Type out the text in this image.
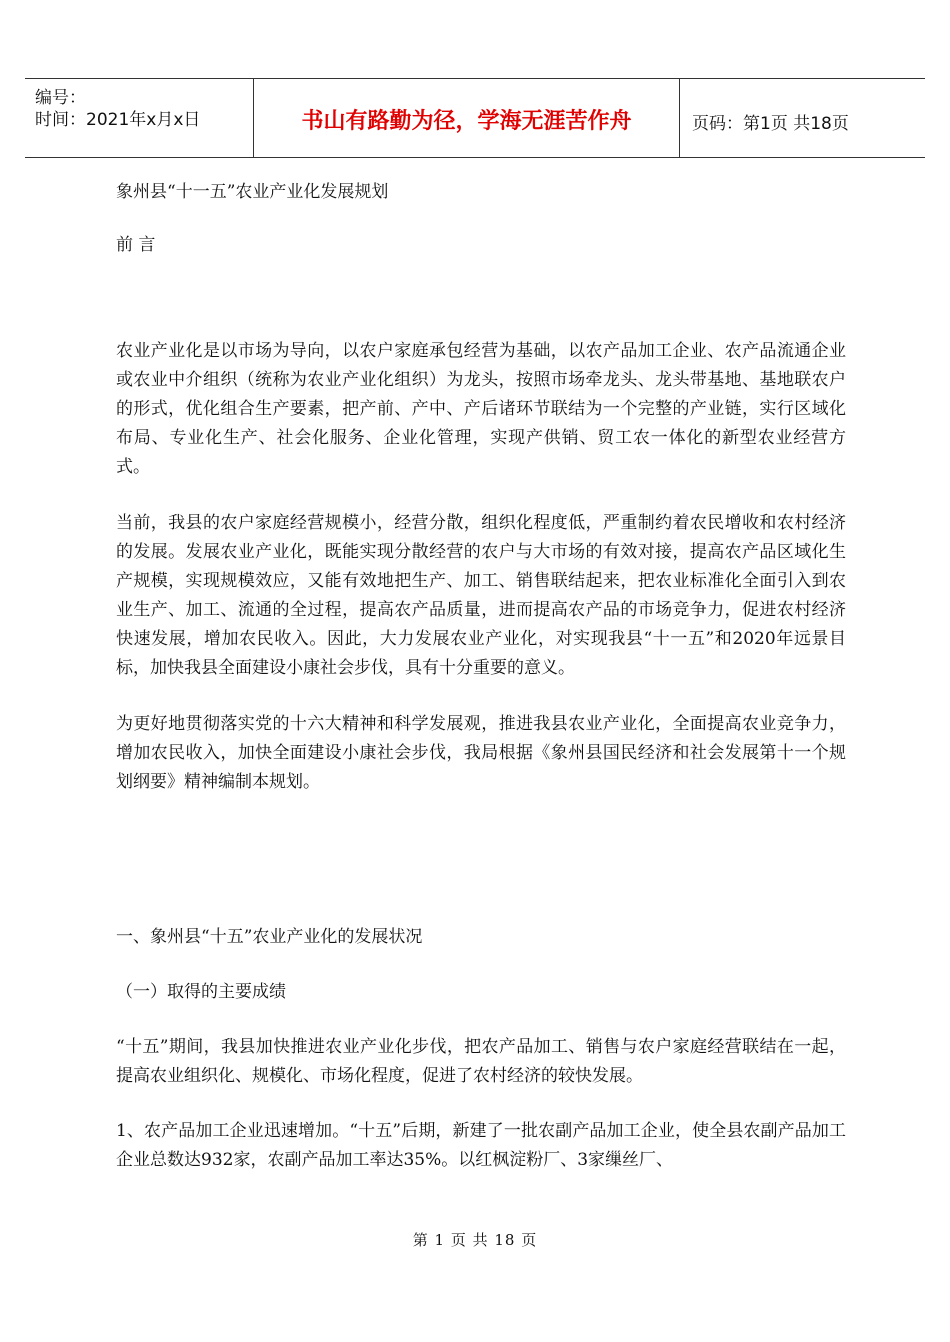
编号：
时间：2021年x月x日	书山有路勤为径，学海无涯苦作舟	页码：第1页 共18页

象州县“十一五”农业产业化发展规划

前 言

农业产业化是以市场为导向，以农户家庭承包经营为基础，以农产品加工企业、农产品流通企业或农业中介组织（统称为农业产业化组织）为龙头，按照市场牵龙头、龙头带基地、基地联农户的形式，优化组合生产要素，把产前、产中、产后诸环节联结为一个完整的产业链，实行区域化布局、专业化生产、社会化服务、企业化管理，实现产供销、贸工农一体化的新型农业经营方式。

当前，我县的农户家庭经营规模小，经营分散，组织化程度低，严重制约着农民增收和农村经济的发展。发展农业产业化，既能实现分散经营的农户与大市场的有效对接，提高农产品区域化生产规模，实现规模效应，又能有效地把生产、加工、销售联结起来，把农业标准化全面引入到农业生产、加工、流通的全过程，提高农产品质量，进而提高农产品的市场竞争力，促进农村经济快速发展，增加农民收入。因此，大力发展农业产业化，对实现我县“十一五”和2020年远景目标，加快我县全面建设小康社会步伐，具有十分重要的意义。

为更好地贯彻落实党的十六大精神和科学发展观，推进我县农业产业化，全面提高农业竞争力，增加农民收入，加快全面建设小康社会步伐，我局根据《象州县国民经济和社会发展第十一个规划纲要》精神编制本规划。

一、象州县“十五”农业产业化的发展状况

（一）取得的主要成绩

“十五”期间，我县加快推进农业产业化步伐，把农产品加工、销售与农户家庭经营联结在一起，提高农业组织化、规模化、市场化程度，促进了农村经济的较快发展。

1、农产品加工企业迅速增加。“十五”后期，新建了一批农副产品加工企业，使全县农副产品加工企业总数达932家，农副产品加工率达35%。以红枫淀粉厂、3家缫丝厂、

第 1 页 共 18 页
